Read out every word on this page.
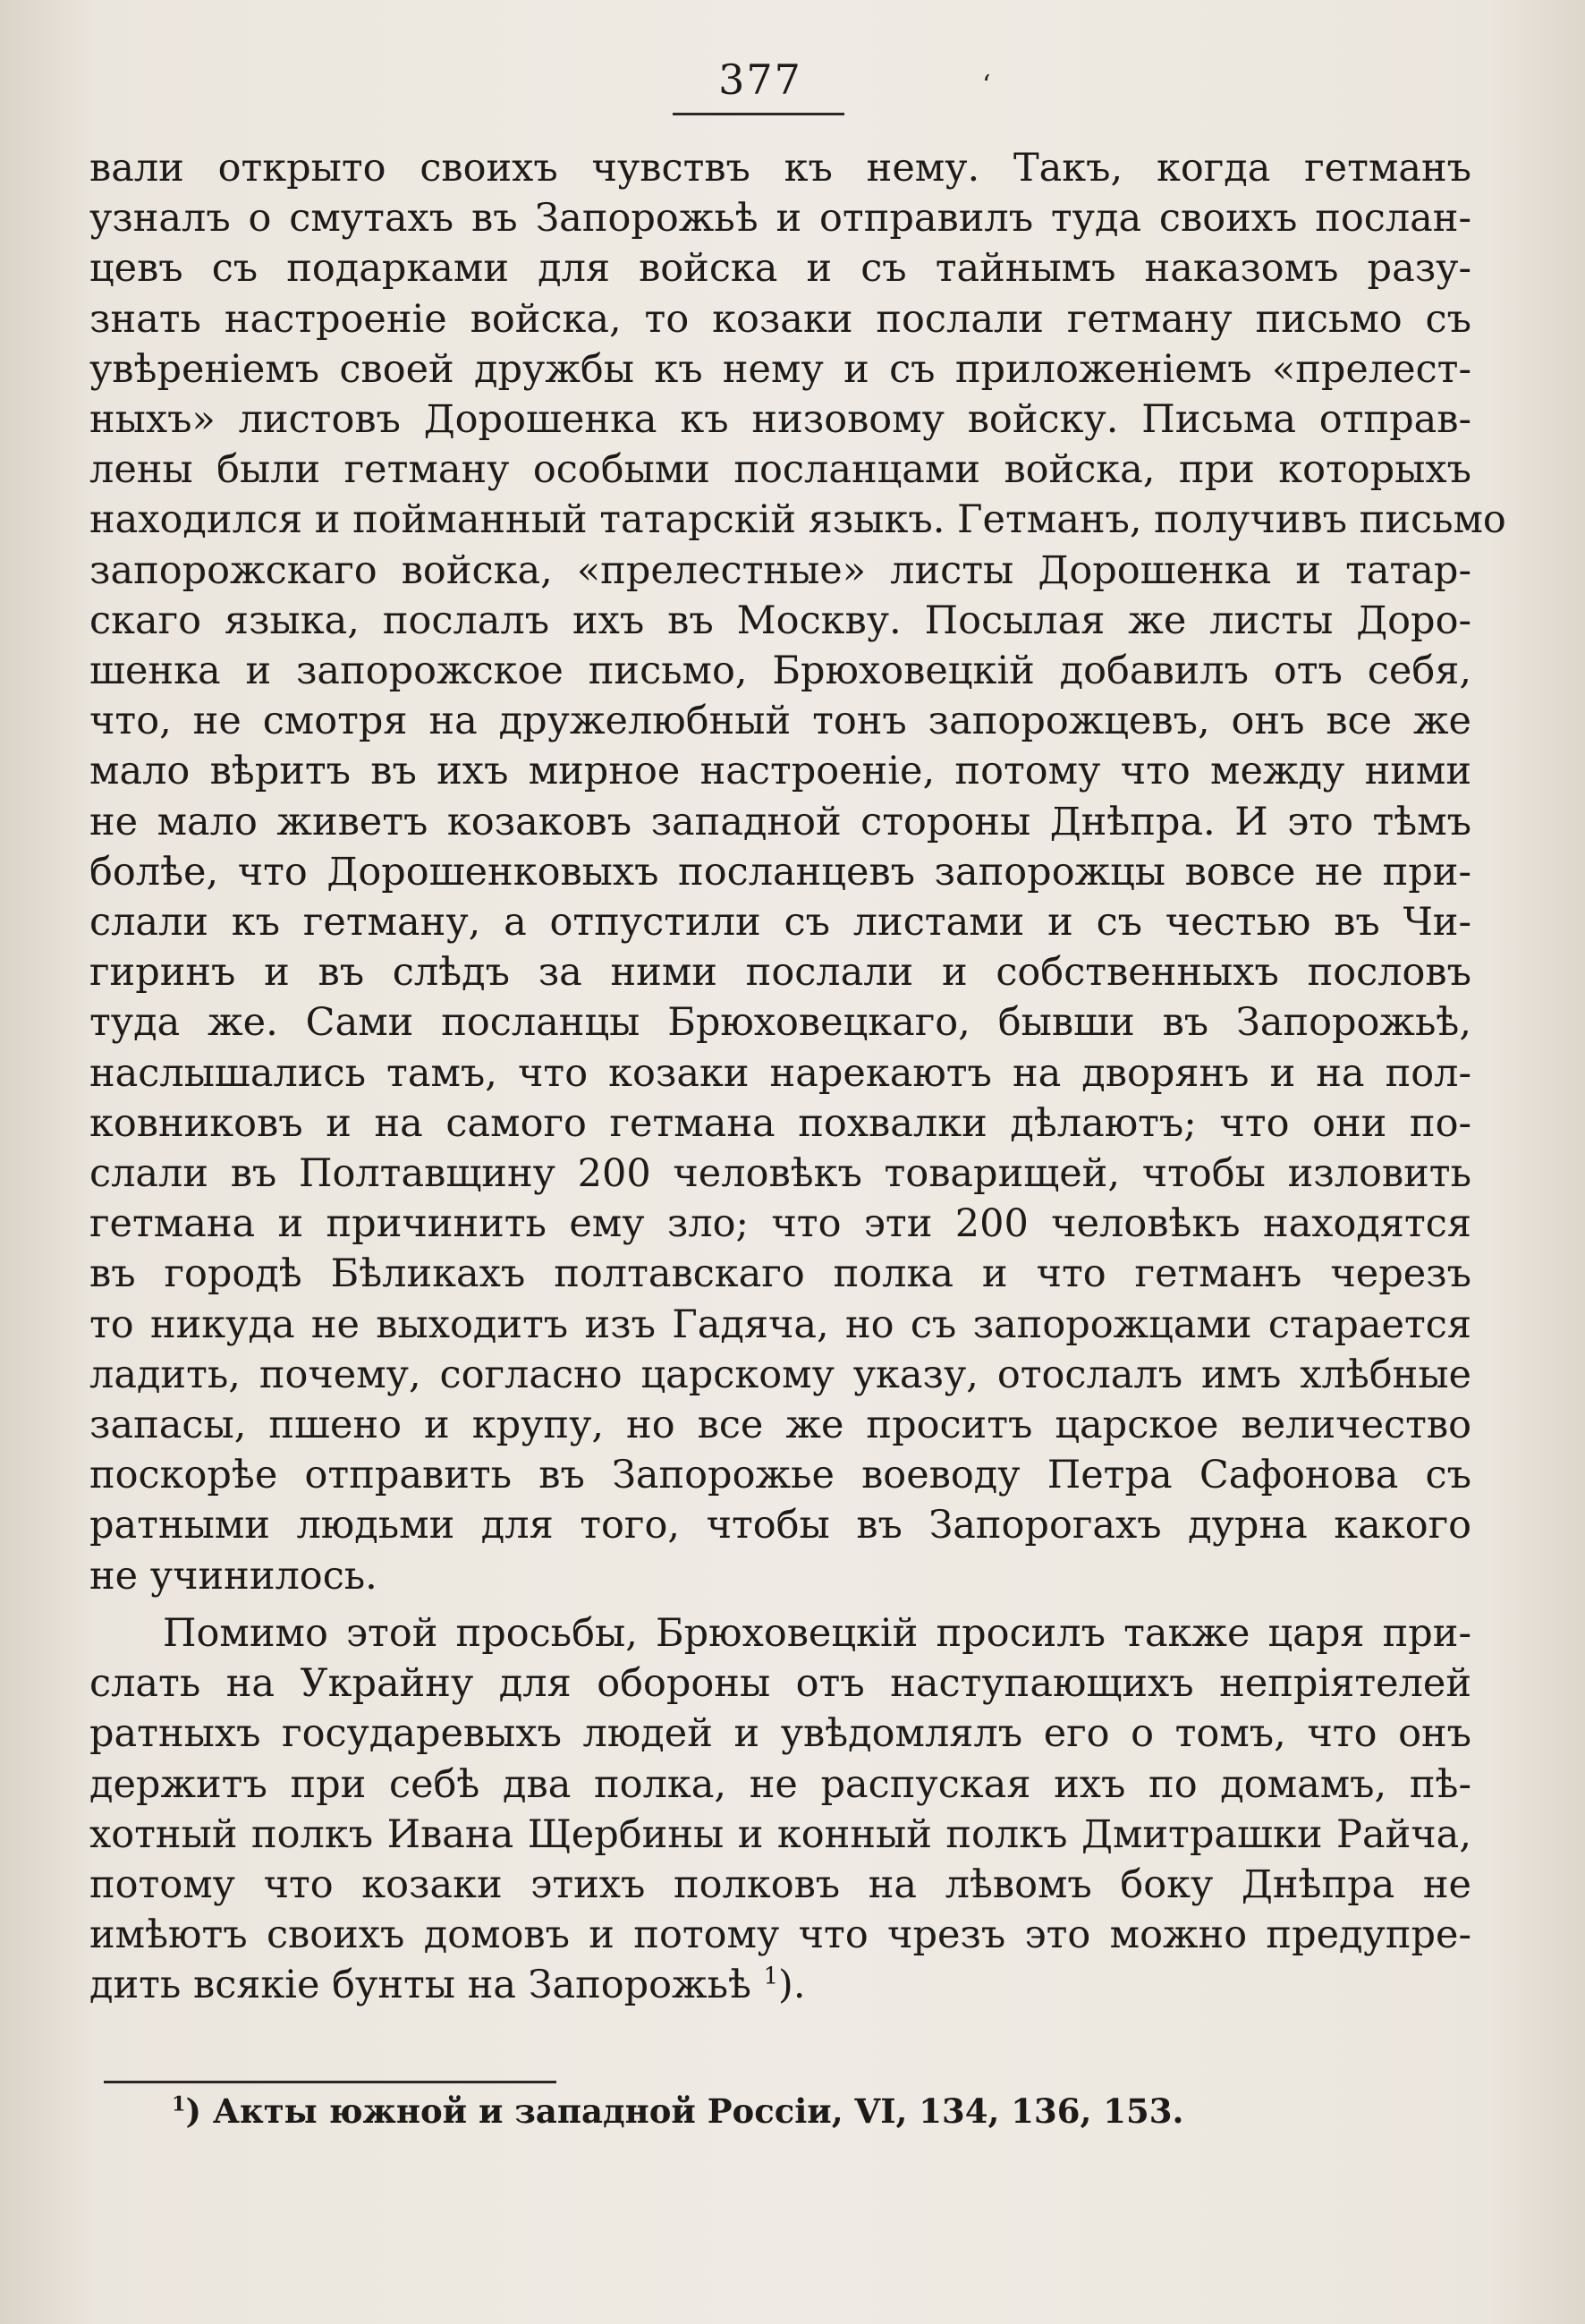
377	‘
вали открыто своихъ чувствъ къ нему. Такъ, когда гетманъ
узналъ о смутахъ въ Запорожьѣ и отправилъ туда своихъ послан-
цевъ съ подарками для войска и съ тайнымъ наказомъ разу-
знать настроеніе войска, то козаки послали гетману письмо съ
увѣреніемъ своей дружбы къ нему и съ приложеніемъ «прелест-
ныхъ» листовъ Дорошенка къ низовому войску. Письма отправ-
лены были гетману особыми посланцами войска, при которыхъ
находился и пойманный татарскій языкъ. Гетманъ, получивъ письмо
запорожскаго войска, «прелестные» листы Дорошенка и татар-
скаго языка, послалъ ихъ въ Москву. Посылая же листы Доро-
шенка и запорожское письмо, Брюховецкій добавилъ отъ себя,
что, не смотря на дружелюбный тонъ запорожцевъ, онъ все же
мало вѣритъ въ ихъ мирное настроеніе, потому что между ними
не мало живетъ козаковъ западной стороны Днѣпра. И это тѣмъ
болѣе, что Дорошенковыхъ посланцевъ запорожцы вовсе не при-
слали къ гетману, а отпустили съ листами и съ честью въ Чи-
гиринъ и въ слѣдъ за ними послали и собственныхъ пословъ
туда же. Сами посланцы Брюховецкаго, бывши въ Запорожьѣ,
наслышались тамъ, что козаки нарекаютъ на дворянъ и на пол-
ковниковъ и на самого гетмана похвалки дѣлаютъ; что они по-
слали въ Полтавщину 200 человѣкъ товарищей, чтобы изловить
гетмана и причинить ему зло; что эти 200 человѣкъ находятся
въ городѣ Бѣликахъ полтавскаго полка и что гетманъ черезъ
то никуда не выходитъ изъ Гадяча, но съ запорожцами старается
ладить, почему, согласно царскому указу, отослалъ имъ хлѣбные
запасы, пшено и крупу, но все же проситъ царское величество
поскорѣе отправить въ Запорожье воеводу Петра Сафонова съ
ратными людьми для того, чтобы въ Запорогахъ дурна какого
не учинилось.
Помимо этой просьбы, Брюховецкій просилъ также царя при-
слать на Украйну для обороны отъ наступающихъ непріятелей
ратныхъ государевыхъ людей и увѣдомлялъ его о томъ, что онъ
держитъ при себѣ два полка, не распуская ихъ по домамъ, пѣ-
хотный полкъ Ивана Щербины и конный полкъ Дмитрашки Райча,
потому что козаки этихъ полковъ на лѣвомъ боку Днѣпра не
имѣютъ своихъ домовъ и потому что чрезъ это можно предупре-
дить всякіе бунты на Запорожьѣ $^1$).
$^1$) Акты южной и западной Россіи, VI, 134, 136, 153.
